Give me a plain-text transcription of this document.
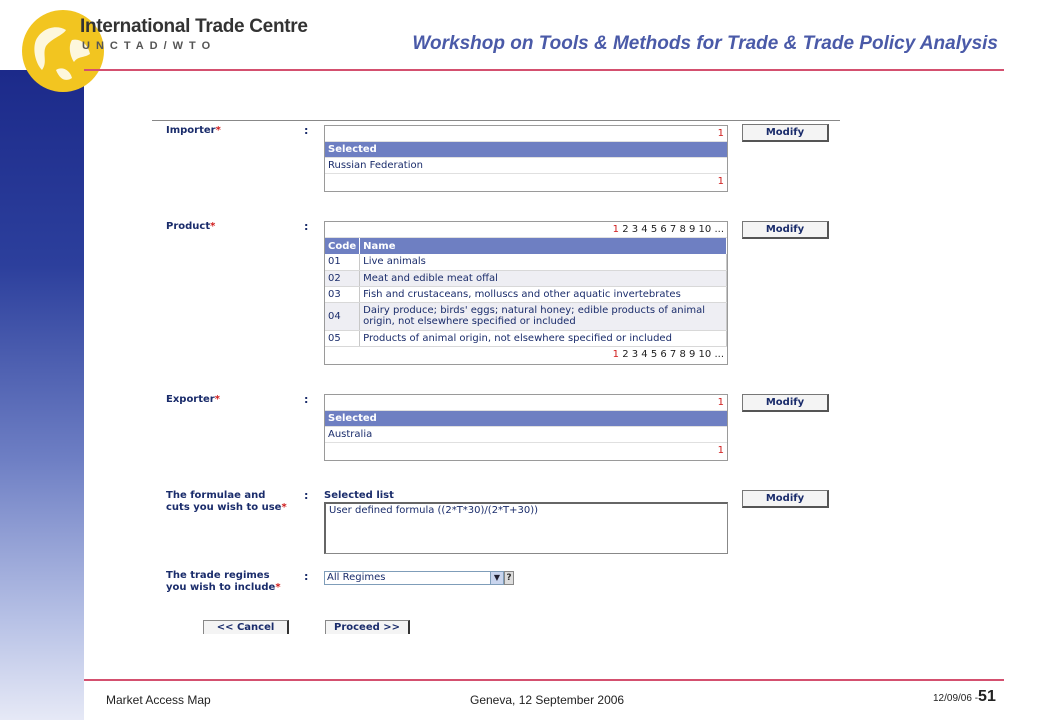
International Trade Centre
UNCTAD/WTO	Workshop on Tools & Methods for Trade & Trade Policy Analysis
Importer*	:	1
Selected
Russian Federation
1
Modify
Product*	:	1 2 3 4 5 6 7 8 9 10 ...
Code	Name
01	Live animals
02	Meat and edible meat offal
03	Fish and crustaceans, molluscs and other aquatic invertebrates
04	Dairy produce; birds' eggs; natural honey; edible products of animal origin, not elsewhere specified or included
05	Products of animal origin, not elsewhere specified or included
1 2 3 4 5 6 7 8 9 10 ...
Modify
Exporter*	:	1
Selected
Australia
1
Modify
The formulae and
cuts you wish to use*
: Selected list
User defined formula ((2*T*30)/(2*T+30))
Modify
The trade regimes
you wish to include*
:	All Regimes	▼ ?
<< Cancel	Proceed >>
Market Access Map	Geneva, 12 September 2006	12/09/06 -51
